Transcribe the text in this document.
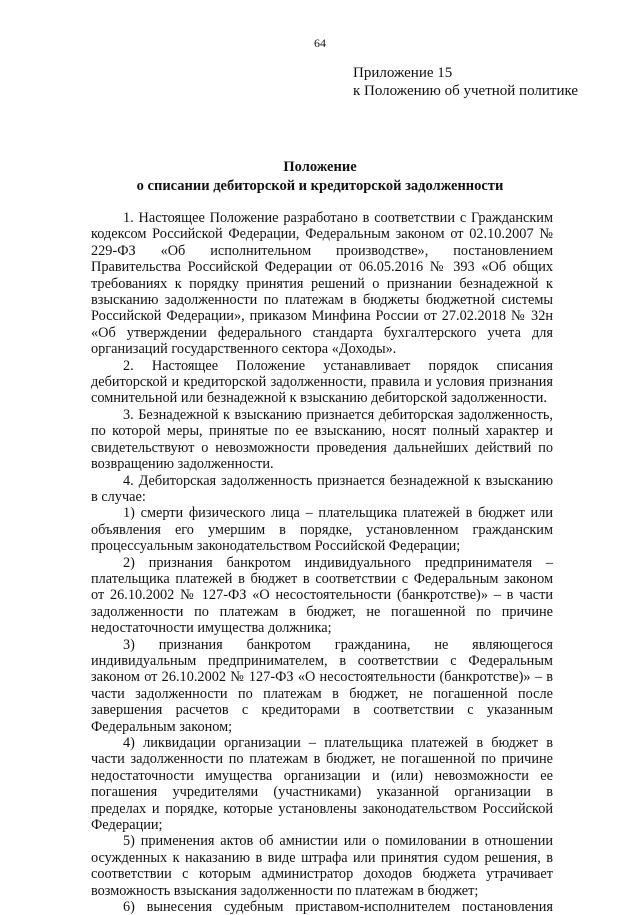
64
Приложение 15
к Положению об учетной политике
Положение
о списании дебиторской и кредиторской задолженности

1. Настоящее Положение разработано в соответствии с Гражданским кодексом Российской Федерации, Федеральным законом от 02.10.2007 № 229-ФЗ «Об исполнительном производстве», постановлением Правительства Российской Федерации от 06.05.2016 № 393 «Об общих требованиях к порядку принятия решений о признании безнадежной к взысканию задолженности по платежам в бюджеты бюджетной системы Российской Федерации», приказом Минфина России от 27.02.2018 № 32н «Об утверждении федерального стандарта бухгалтерского учета для организаций государственного сектора «Доходы».

2. Настоящее Положение устанавливает порядок списания дебиторской и кредиторской задолженности, правила и условия признания сомнительной или безнадежной к взысканию дебиторской задолженности.

3. Безнадежной к взысканию признается дебиторская задолженность, по которой меры, принятые по ее взысканию, носят полный характер и свидетельствуют о невозможности проведения дальнейших действий по возвращению задолженности.

4. Дебиторская задолженность признается безнадежной к взысканию в случае:

1) смерти физического лица – плательщика платежей в бюджет или объявления его умершим в порядке, установленном гражданским процессуальным законодательством Российской Федерации;

2) признания банкротом индивидуального предпринимателя – плательщика платежей в бюджет в соответствии с Федеральным законом от 26.10.2002 № 127-ФЗ «О несостоятельности (банкротстве)» – в части задолженности по платежам в бюджет, не погашенной по причине недостаточности имущества должника;

3) признания банкротом гражданина, не являющегося индивидуальным предпринимателем, в соответствии с Федеральным законом от 26.10.2002 № 127-ФЗ «О несостоятельности (банкротстве)» – в части задолженности по платежам в бюджет, не погашенной после завершения расчетов с кредиторами в соответствии с указанным Федеральным законом;

4) ликвидации организации – плательщика платежей в бюджет в части задолженности по платежам в бюджет, не погашенной по причине недостаточности имущества организации и (или) невозможности ее погашения учредителями (участниками) указанной организации в пределах и порядке, которые установлены законодательством Российской Федерации;

5) применения актов об амнистии или о помиловании в отношении осужденных к наказанию в виде штрафа или принятия судом решения, в соответствии с которым администратор доходов бюджета утрачивает возможность взыскания задолженности по платежам в бюджет;

6) вынесения судебным приставом-исполнителем постановления
